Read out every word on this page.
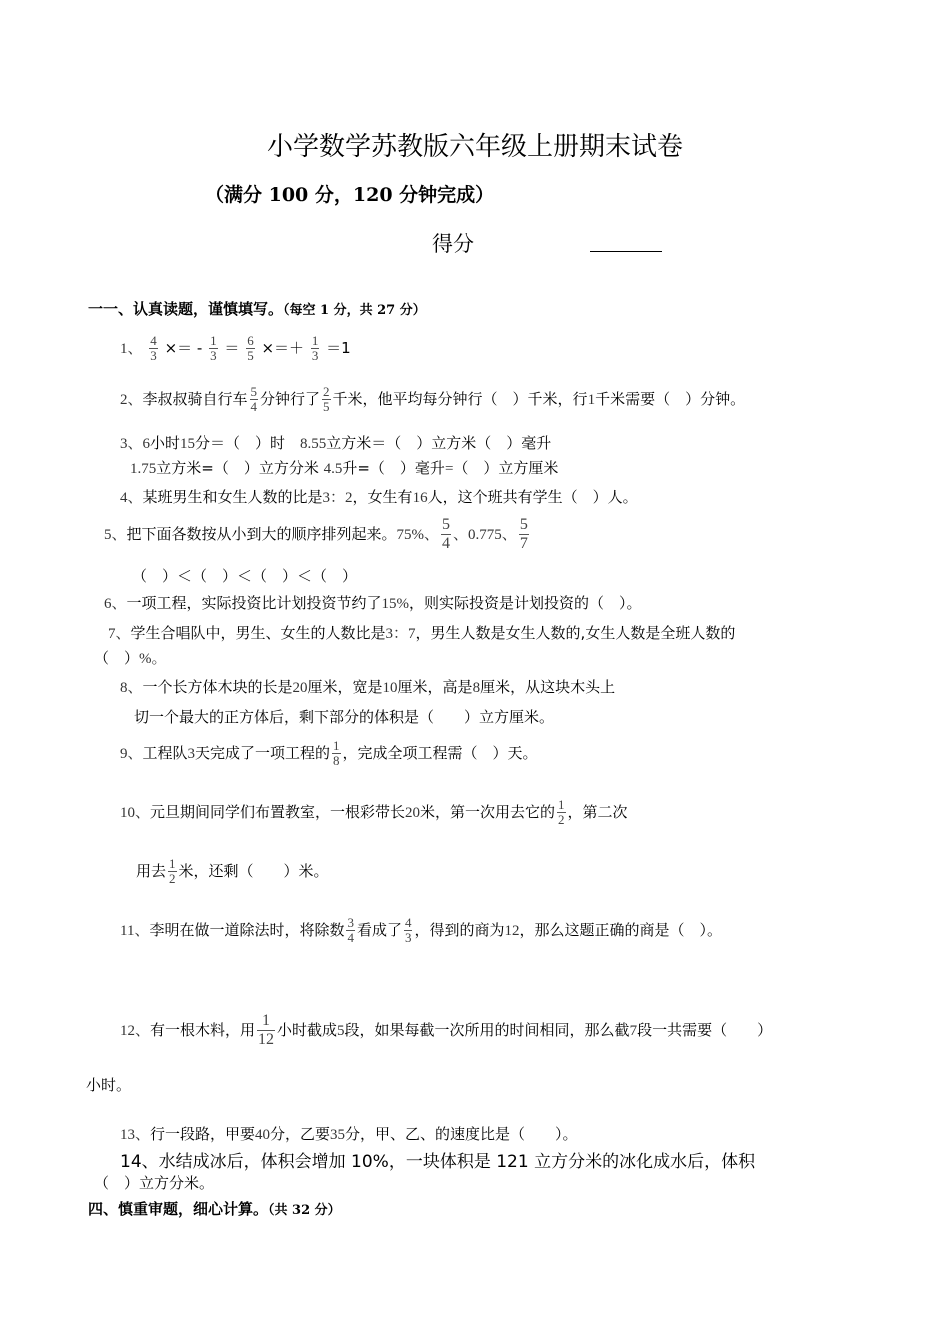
小学数学苏教版六年级上册期末试卷
（满分 100 分，120 分钟完成）
得分
一一、认真读题，谨慎填写。（每空 1 分，共 27 分）
1、 $\frac{4}{3}$ ×＝ - $\frac{1}{3} = \frac{6}{5}$ ×＝＋ $\frac{1}{3} =1$
2、李叔叔骑自行车 $\frac{5}{4}$ 分钟行了 $\frac{2}{5}$ 千米，他平均每分钟行（　）千米，行1千米需要（　）分钟。
3、6小时15分＝（　）时　8.55立方米＝（　）立方米（　）毫升
1.75立方米=（　）立方分米 4.5升=（　）毫升=（　）立方厘米
4、某班男生和女生人数的比是3：2，女生有16人，这个班共有学生（　）人。
5、把下面各数按从小到大的顺序排列起来。75%、 $\frac{5}{4}$ 、0.775、 $\frac{5}{7}$
（　）＜（　）＜（　）＜（　）
6、一项工程，实际投资比计划投资节约了15%，则实际投资是计划投资的（　）。
7、学生合唱队中，男生、女生的人数比是3：7，男生人数是女生人数的,女生人数是全班人数的
（　）%。
8、一个长方体木块的长是20厘米，宽是10厘米，高是8厘米，从这块木头上
切一个最大的正方体后，剩下部分的体积是（　　）立方厘米。
9、工程队3天完成了一项工程的 $\frac{1}{8}$ ，完成全项工程需（　）天。
10、元旦期间同学们布置教室，一根彩带长20米，第一次用去它的 $\frac{1}{2}$ ，第二次
用去 $\frac{1}{2}$ 米，还剩（　　）米。
11、李明在做一道除法时，将除数 $\frac{3}{4}$ 看成了 $\frac{4}{3}$ ，得到的商为12，那么这题正确的商是（　）。
12、有一根木料，用 $\frac{1}{12}$ 小时截成5段，如果每截一次所用的时间相同，那么截7段一共需要（　　）
小时。
13、行一段路，甲要40分，乙要35分，甲、乙、的速度比是（　　）。
14、水结成冰后，体积会增加 10%，一块体积是 121 立方分米的冰化成水后，体积
（　）立方分米。
四、慎重审题，细心计算。（共 32 分）
